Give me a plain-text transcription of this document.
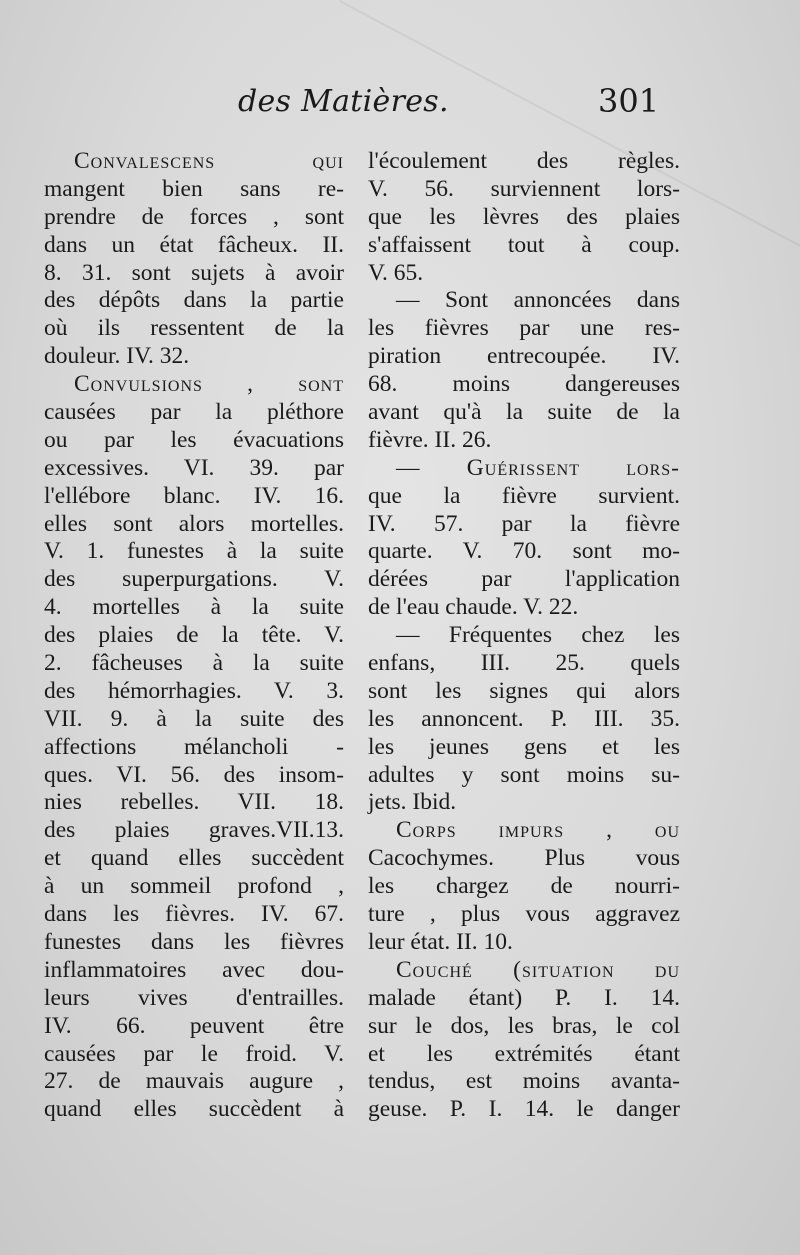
des Matières.	301
Convalescens qui
mangent bien sans re-
prendre de forces , sont
dans un état fâcheux. II.
8. 31. sont sujets à avoir
des dépôts dans la partie
où ils ressentent de la
douleur. IV. 32.
Convulsions , sont
causées par la pléthore
ou par les évacuations
excessives. VI. 39. par
l'ellébore blanc. IV. 16.
elles sont alors mortelles.
V. 1. funestes à la suite
des superpurgations. V.
4. mortelles à la suite
des plaies de la tête. V.
2. fâcheuses à la suite
des hémorrhagies. V. 3.
VII. 9. à la suite des
affections mélancholi -
ques. VI. 56. des insom-
nies rebelles. VII. 18.
des plaies graves.VII.13.
et quand elles succèdent
à un sommeil profond ,
dans les fièvres. IV. 67.
funestes dans les fièvres
inflammatoires avec dou-
leurs vives d'entrailles.
IV. 66. peuvent être
causées par le froid. V.
27. de mauvais augure ,
quand elles succèdent à
l'écoulement des règles.
V. 56. surviennent lors-
que les lèvres des plaies
s'affaissent tout à coup.
V. 65.
— Sont annoncées dans
les fièvres par une res-
piration entrecoupée. IV.
68. moins dangereuses
avant qu'à la suite de la
fièvre. II. 26.
— Guérissent lors-
que la fièvre survient.
IV. 57. par la fièvre
quarte. V. 70. sont mo-
dérées par l'application
de l'eau chaude. V. 22.
— Fréquentes chez les
enfans, III. 25. quels
sont les signes qui alors
les annoncent. P. III. 35.
les jeunes gens et les
adultes y sont moins su-
jets. Ibid.
Corps impurs , ou
Cacochymes. Plus vous
les chargez de nourri-
ture , plus vous aggravez
leur état. II. 10.
Couché (situation du
malade étant) P. I. 14.
sur le dos, les bras, le col
et les extrémités étant
tendus, est moins avanta-
geuse. P. I. 14. le danger
